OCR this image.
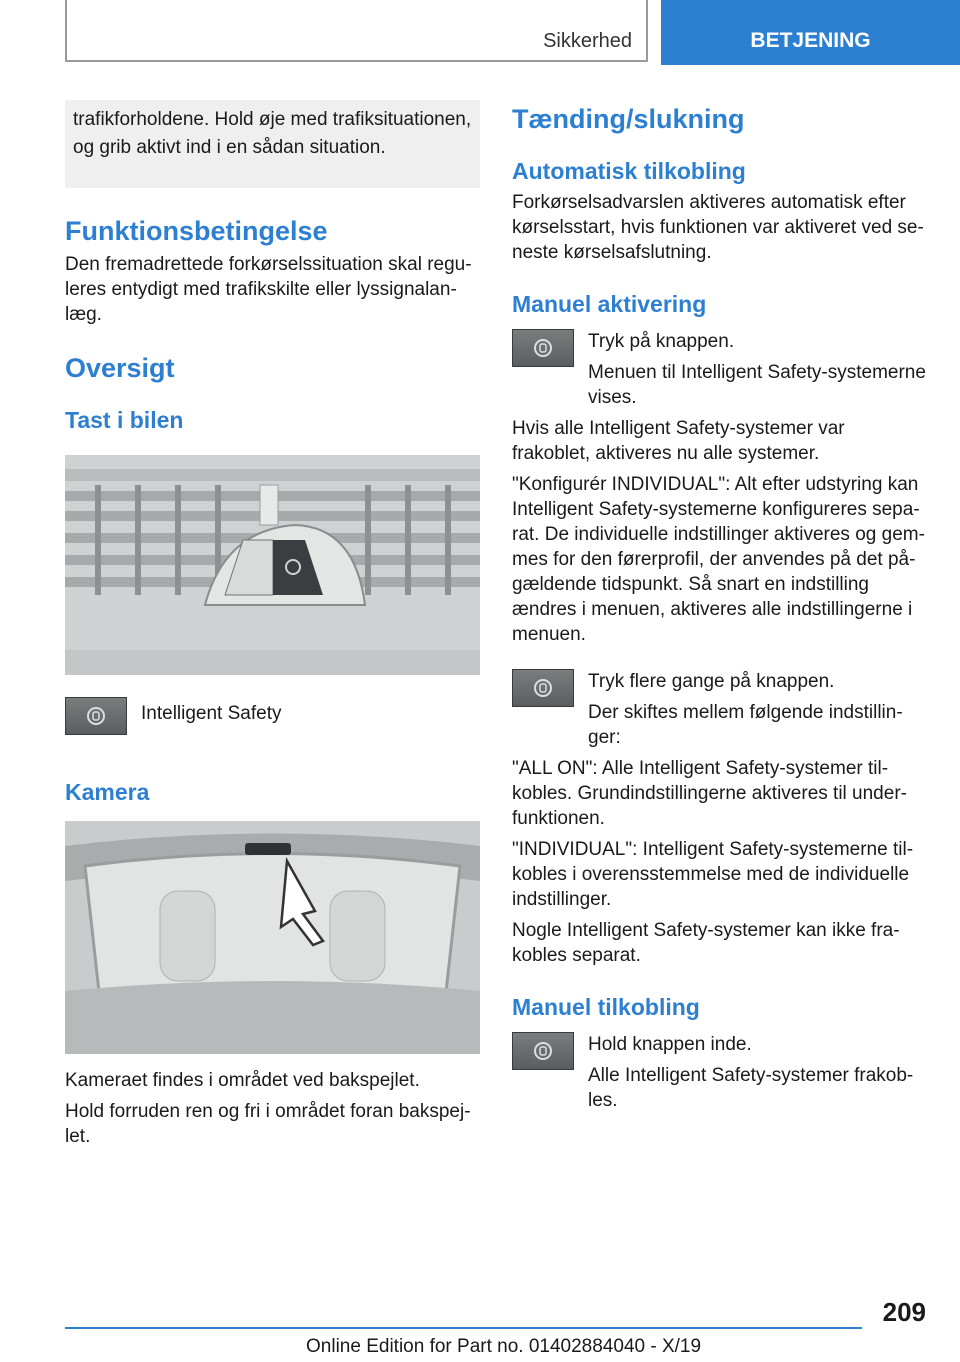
Sikkerhed	BETJENING
trafikforholdene. Hold øje med trafiksituationen, og grib aktivt ind i en sådan situation.
Funktionsbetingelse

Den fremadrettede forkørselssituation skal reguleres entydigt med trafikskilte eller lyssignalanlæg.

Oversigt
Tast i bilen

Intelligent Safety

Kamera

Kameraet findes i området ved bakspejlet.

Hold forruden ren og fri i området foran bakspejlet.

Tænding/slukning
Automatisk tilkobling

Forkørselsadvarslen aktiveres automatisk efter kørselsstart, hvis funktionen var aktiveret ved seneste kørselsafslutning.

Manuel aktivering

Tryk på knappen.

Menuen til Intelligent Safety-systemerne vises.

Hvis alle Intelligent Safety-systemer var frakoblet, aktiveres nu alle systemer.

"Konfigurér INDIVIDUAL": Alt efter udstyring kan Intelligent Safety-systemerne konfigureres separat. De individuelle indstillinger aktiveres og gemmes for den førerprofil, der anvendes på det pågældende tidspunkt. Så snart en indstilling ændres i menuen, aktiveres alle indstillingerne i menuen.

Tryk flere gange på knappen.

Der skiftes mellem følgende indstillinger:

"ALL ON": Alle Intelligent Safety-systemer tilkobles. Grundindstillingerne aktiveres til underfunktionen.

"INDIVIDUAL": Intelligent Safety-systemerne tilkobles i overensstemmelse med de individuelle indstillinger.

Nogle Intelligent Safety-systemer kan ikke frakobles separat.

Manuel tilkobling

Hold knappen inde.

Alle Intelligent Safety-systemer frakobles.

209
Online Edition for Part no. 01402884040 - X/19
